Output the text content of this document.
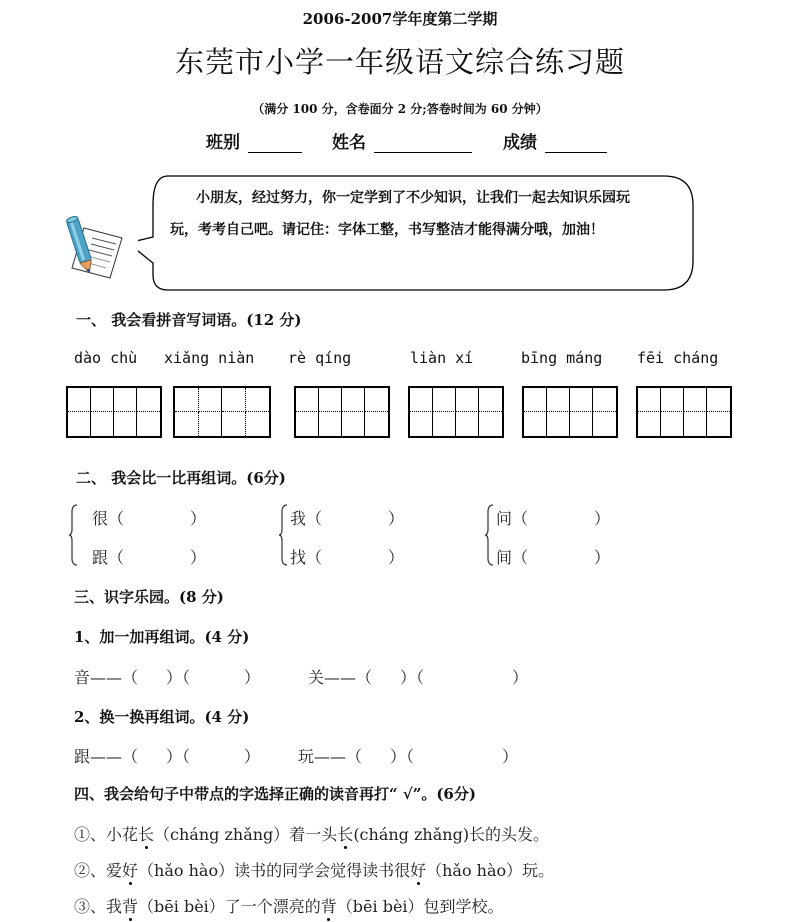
2006-2007学年度第二学期
东莞市小学一年级语文综合练习题
（满分 100 分，含卷面分 2 分;答卷时间为 60 分钟）
班别	姓名	成绩
小朋友，经过努力，你一定学到了不少知识，让我们一起去知识乐园玩
玩，考考自己吧。请记住：字体工整，书写整洁才能得满分哦，加油！
一、 我会看拼音写词语。(12 分)
dào chù xiǎng niàn rè qíng	liàn xí	bīng máng fēi cháng
二、 我会比一比再组词。(6分)
很（	）
跟（	）
我（	）
找（	）
问（	）
间（	）
三、识字乐园。(8 分)
1、加一加再组词。(4 分)
音——（ ）（	）	关——（ ）（	）
2、换一换再组词。(4 分)
跟——（ ）（	） 玩——（ ）（	）
四、我会给句子中带点的字选择正确的读音再打“ √”。(6分)
①、小花长（cháng zhǎng）着一头长(cháng zhǎng)长的头发。
②、爱好（hǎo hào）读书的同学会觉得读书很好（hǎo hào）玩。
③、我背（bēi bèi）了一个漂亮的背（bēi bèi）包到学校。
